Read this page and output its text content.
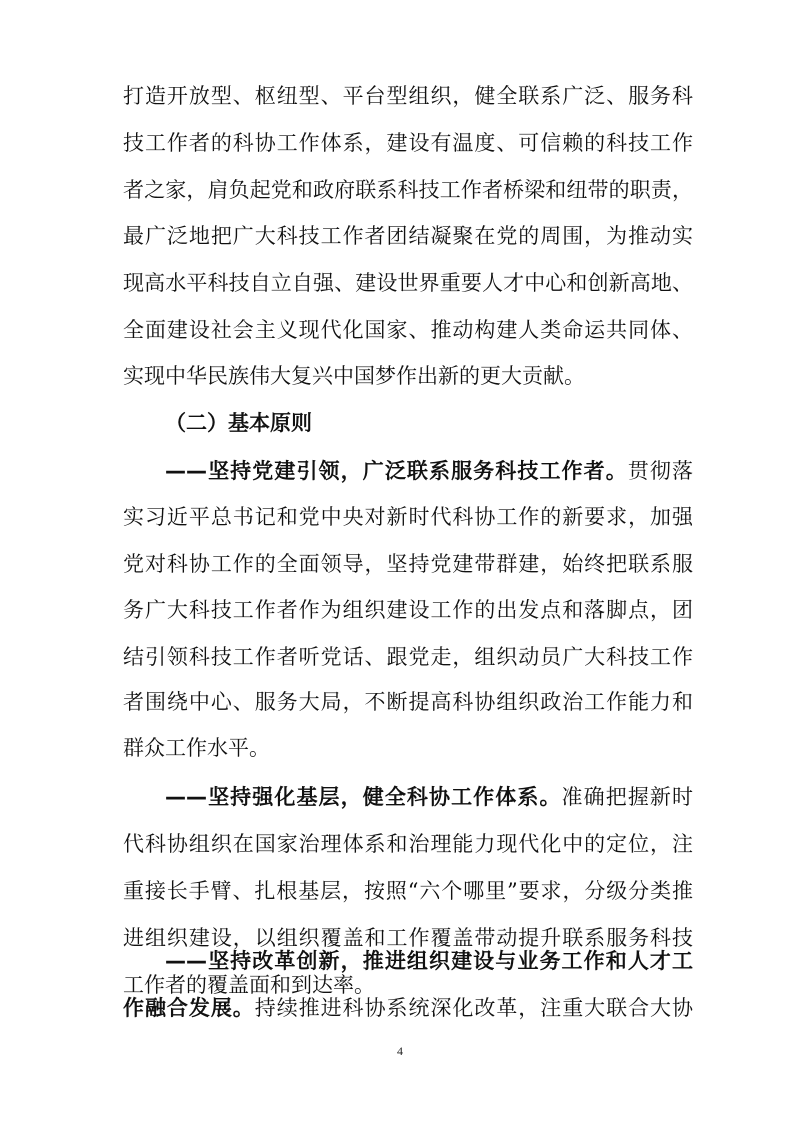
打造开放型、枢纽型、平台型组织，健全联系广泛、服务科
技工作者的科协工作体系，建设有温度、可信赖的科技工作
者之家，肩负起党和政府联系科技工作者桥梁和纽带的职责，
最广泛地把广大科技工作者团结凝聚在党的周围，为推动实
现高水平科技自立自强、建设世界重要人才中心和创新高地、
全面建设社会主义现代化国家、推动构建人类命运共同体、
实现中华民族伟大复兴中国梦作出新的更大贡献。
（二）基本原则
——坚持党建引领，广泛联系服务科技工作者。贯彻落
实习近平总书记和党中央对新时代科协工作的新要求，加强
党对科协工作的全面领导，坚持党建带群建，始终把联系服
务广大科技工作者作为组织建设工作的出发点和落脚点，团
结引领科技工作者听党话、跟党走，组织动员广大科技工作
者围绕中心、服务大局，不断提高科协组织政治工作能力和
群众工作水平。
——坚持强化基层，健全科协工作体系。准确把握新时
代科协组织在国家治理体系和治理能力现代化中的定位，注
重接长手臂、扎根基层，按照“六个哪里”要求，分级分类推
进组织建设，以组织覆盖和工作覆盖带动提升联系服务科技
工作者的覆盖面和到达率。
——坚持改革创新，推进组织建设与业务工作和人才工
作融合发展。持续推进科协系统深化改革，注重大联合大协
4
